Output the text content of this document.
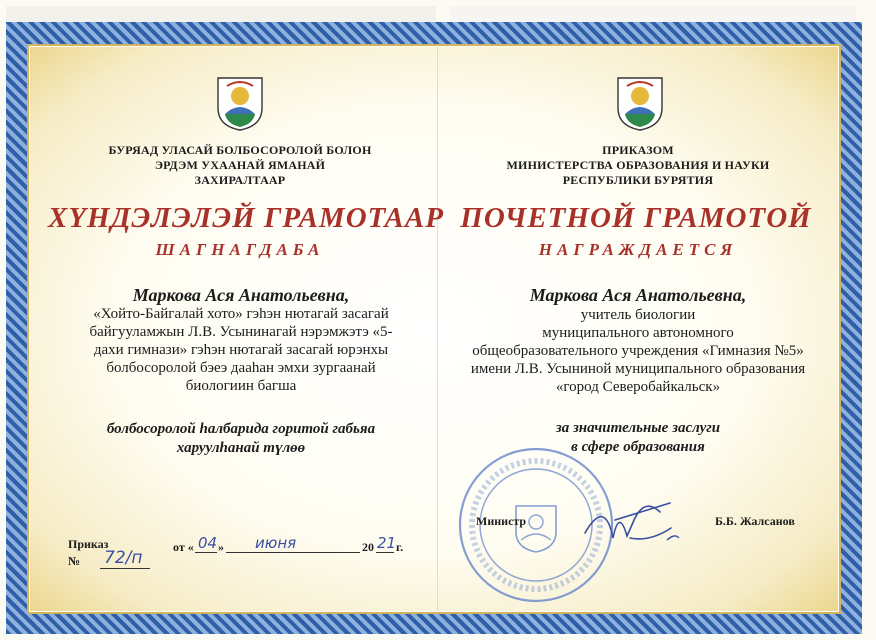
БУРЯАД УЛАСАЙ БОЛБОСОРОЛОЙ БОЛОН
ЭРДЭМ УХААНАЙ ЯМАНАЙ
ЗАХИРАЛТААР
ХҮНДЭЛЭЛЭЙ ГРАМОТААР
ШАГНАГДАБА
Маркова Ася Анатольевна,
«Хойто-Байгалай хото» гэhэн нютагай засагай
байгууламжын Л.В. Усынинагай нэрэмжэтэ «5-
дахи гимнази» гэhэн нютагай засагай юрэнхы
болбосоролой бэеэ дааhaн эмхи зургаанай
биологиин багша
болбосоролой hалбарида горитой габьяа
харуулhанай түлөө
Приказ
№ 72/п
от « 04 » июня	20 21 г.
ПРИКАЗОМ
МИНИСТЕРСТВА ОБРАЗОВАНИЯ И НАУКИ
РЕСПУБЛИКИ БУРЯТИЯ
ПОЧЕТНОЙ ГРАМОТОЙ
НАГРАЖДАЕТСЯ
Маркова Ася Анатольевна,
учитель биологии
муниципального автономного
общеобразовательного учреждения «Гимназия №5»
имени Л.В. Усыниной муниципального образования
«город Северобайкальск»
за значительные заслуги
в сфере образования
Министр	Б.Б. Жалсанов
